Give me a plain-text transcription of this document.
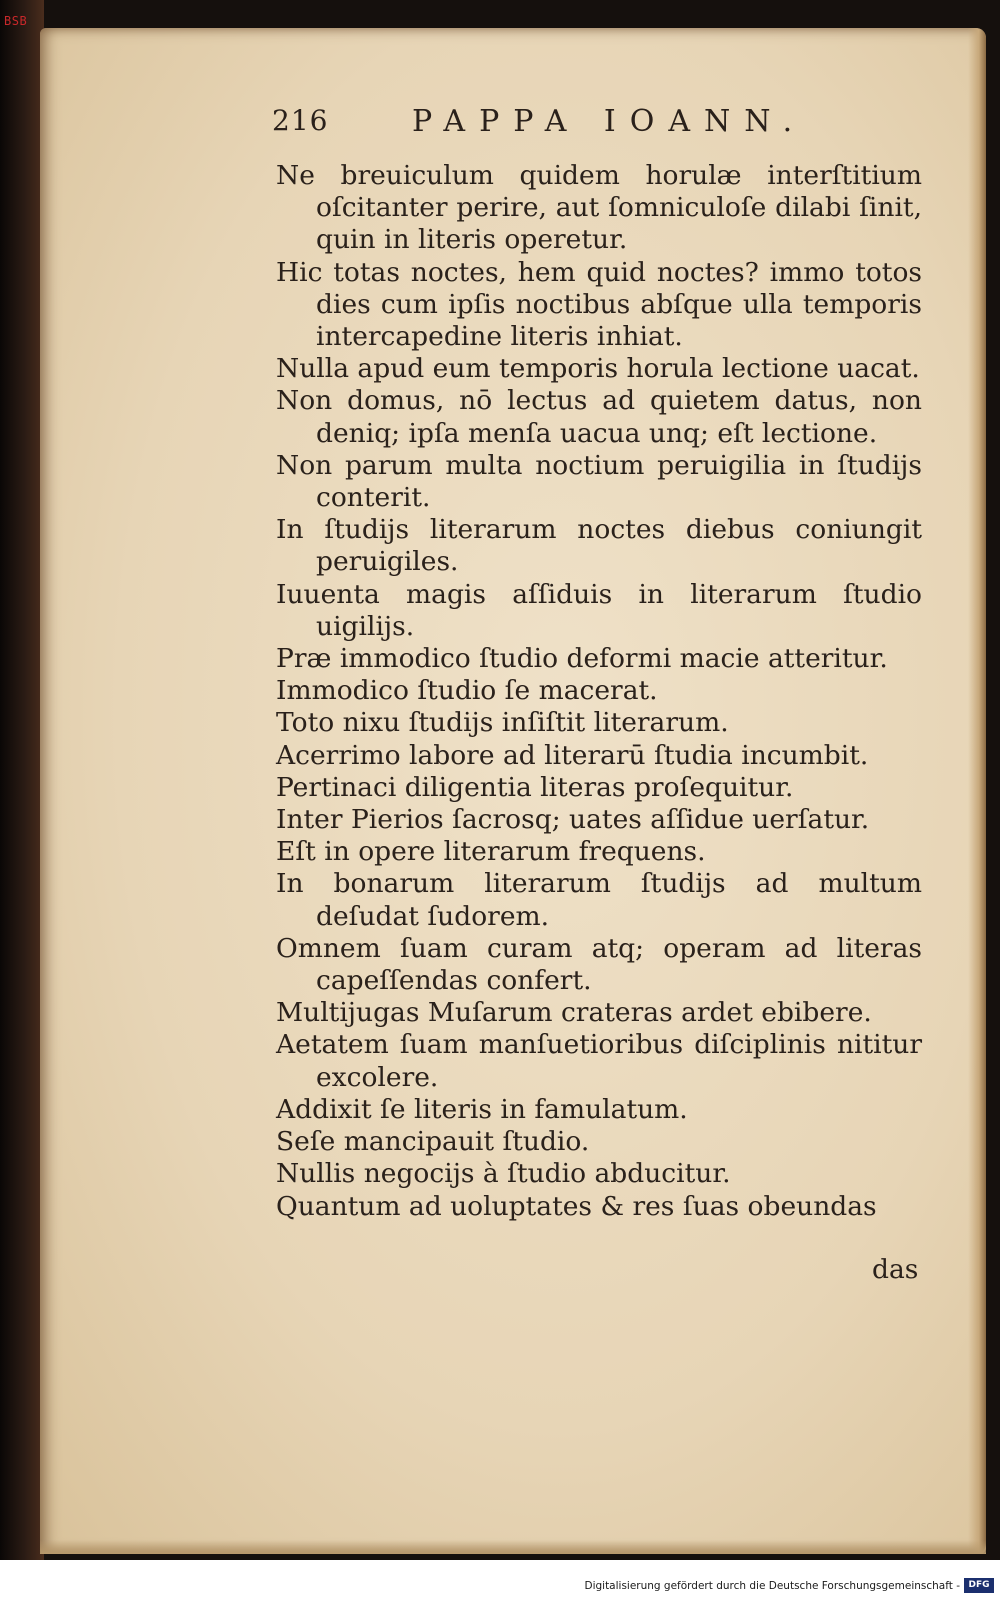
BSB
216	PAPPA IOANN.
Ne breuiculum quidem horulæ interſtitium oſcitanter perire, aut ſomniculoſe dilabi ſinit, quin in literis operetur.
Hic totas noctes, hem quid noctes? immo totos dies cum ipſis noctibus abſque ulla temporis intercapedine literis inhiat.
Nulla apud eum temporis horula lectione uacat.
Non domus, nō lectus ad quietem datus, non deniq; ipſa menſa uacua unq; eſt lectione.
Non parum multa noctium peruigilia in ſtudijs conterit.
In ſtudijs literarum noctes diebus coniungit peruigiles.
Iuuenta magis aſſiduis in literarum ſtudio uigilijs.
Præ immodico ſtudio deformi macie atteritur.
Immodico ſtudio ſe macerat.
Toto nixu ſtudijs inſiſtit literarum.
Acerrimo labore ad literarū ſtudia incumbit.
Pertinaci diligentia literas proſequitur.
Inter Pierios ſacrosq; uates aſſidue uerſatur.
Eſt in opere literarum frequens.
In bonarum literarum ſtudijs ad multum deſudat ſudorem.
Omnem ſuam curam atq; operam ad literas capeſſendas confert.
Multijugas Muſarum crateras ardet ebibere.
Aetatem ſuam manſuetioribus diſciplinis nititur excolere.
Addixit ſe literis in famulatum.
Seſe mancipauit ſtudio.
Nullis negocijs à ſtudio abducitur.
Quantum ad uoluptates & res ſuas obeundas
das
Digitalisierung gefördert durch die Deutsche Forschungsgemeinschaft - DFG
